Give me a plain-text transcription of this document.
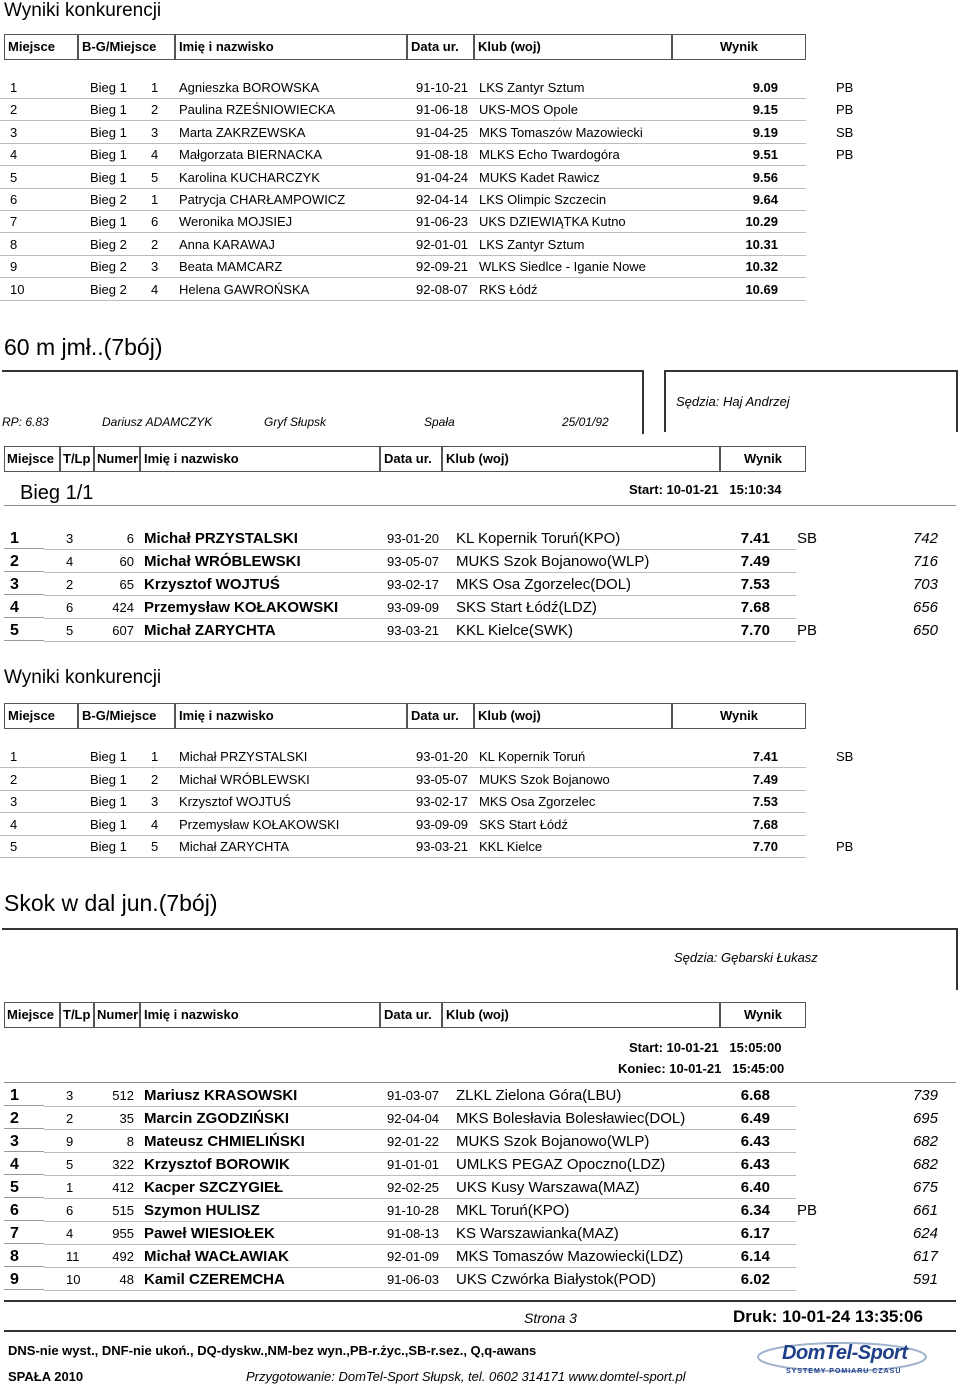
Wyniki konkurencji
Miejsce	B-G/Miejsce	Imię i nazwisko	Data ur.	Klub (woj)	Wynik
1	Bieg 1	1	Agnieszka BOROWSKA	91-10-21 LKS Zantyr Sztum	9.09	PB
2	Bieg 1	2	Paulina RZEŚNIOWIECKA	91-06-18 UKS-MOS Opole	9.15	PB
3	Bieg 1	3	Marta ZAKRZEWSKA	91-04-25 MKS Tomaszów Mazowiecki	9.19	SB
4	Bieg 1	4	Małgorzata BIERNACKA	91-08-18 MLKS Echo Twardogóra	9.51	PB
5	Bieg 1	5	Karolina KUCHARCZYK	91-04-24 MUKS Kadet Rawicz	9.56
6	Bieg 2	1	Patrycja CHARŁAMPOWICZ	92-04-14 LKS Olimpic Szczecin	9.64
7	Bieg 1	6	Weronika MOJSIEJ	91-06-23 UKS DZIEWIĄTKA Kutno	10.29
8	Bieg 2	2	Anna KARAWAJ	92-01-01 LKS Zantyr Sztum	10.31
9	Bieg 2	3	Beata MAMCARZ	92-09-21 WLKS Siedlce - Iganie Nowe	10.32
10	Bieg 2	4	Helena GAWROŃSKA	92-08-07 RKS Łódź	10.69
60 m jmł..(7bój)
RP: 6.83	Dariusz ADAMCZYK	Gryf Słupsk	Spała	25/01/92
Sędzia: Haj Andrzej
Miejsce T/Lp Numer Imię i nazwisko	Data ur.	Klub (woj)	Wynik
Bieg 1/1	Start: 10-01-21   15:10:34
1	3	6 Michał PRZYSTALSKI	93-01-20	KL Kopernik Toruń(KPO)	7.41 SB	742
2	4	60 Michał WRÓBLEWSKI	93-05-07	MUKS Szok Bojanowo(WLP)	7.49	716
3	2	65 Krzysztof WOJTUŚ	93-02-17	MKS Osa Zgorzelec(DOL)	7.53	703
4	6	424 Przemysław KOŁAKOWSKI	93-09-09	SKS Start Łódź(LDZ)	7.68	656
5	5	607 Michał ZARYCHTA	93-03-21	KKL Kielce(SWK)	7.70 PB	650
Wyniki konkurencji
Miejsce	B-G/Miejsce	Imię i nazwisko	Data ur.	Klub (woj)	Wynik
1	Bieg 1	1	Michał PRZYSTALSKI	93-01-20 KL Kopernik Toruń	7.41	SB
2	Bieg 1	2	Michał WRÓBLEWSKI	93-05-07 MUKS Szok Bojanowo	7.49
3	Bieg 1	3	Krzysztof WOJTUŚ	93-02-17 MKS Osa Zgorzelec	7.53
4	Bieg 1	4	Przemysław KOŁAKOWSKI	93-09-09 SKS Start Łódź	7.68
5	Bieg 1	5	Michał ZARYCHTA	93-03-21 KKL Kielce	7.70	PB
Skok w dal jun.(7bój)
Sędzia: Gębarski Łukasz
Miejsce T/Lp Numer Imię i nazwisko	Data ur.	Klub (woj)	Wynik
Start: 10-01-21   15:05:00
Koniec: 10-01-21   15:45:00
1	3	512 Mariusz KRASOWSKI	91-03-07	ZLKL Zielona Góra(LBU)	6.68	739
2	2	35 Marcin ZGODZIŃSKI	92-04-04	MKS Bolesłavia Bolesławiec(DOL)	6.49	695
3	9	8 Mateusz CHMIELIŃSKI	92-01-22	MUKS Szok Bojanowo(WLP)	6.43	682
4	5	322 Krzysztof BOROWIK	91-01-01	UMLKS PEGAZ Opoczno(LDZ)	6.43	682
5	1	412 Kacper SZCZYGIEŁ	92-02-25	UKS Kusy Warszawa(MAZ)	6.40	675
6	6	515 Szymon HULISZ	91-10-28	MKL Toruń(KPO)	6.34 PB	661
7	4	955 Paweł WIESIOŁEK	91-08-13	KS Warszawianka(MAZ)	6.17	624
8	11	492 Michał WACŁAWIAK	92-01-09	MKS Tomaszów Mazowiecki(LDZ)	6.14	617
9	10	48 Kamil CZEREMCHA	91-06-03	UKS Czwórka Białystok(POD)	6.02	591
Strona 3	Druk: 10-01-24 13:35:06
DNS-nie wyst., DNF-nie ukoń., DQ-dyskw.,NM-bez wyn.,PB-r.życ.,SB-r.sez., Q,q-awans
SPAŁA 2010	Przygotowanie: DomTel-Sport Słupsk, tel. 0602 314171 www.domtel-sport.pl
DomTel-Sport
SYSTEMY POMIARU CZASU
